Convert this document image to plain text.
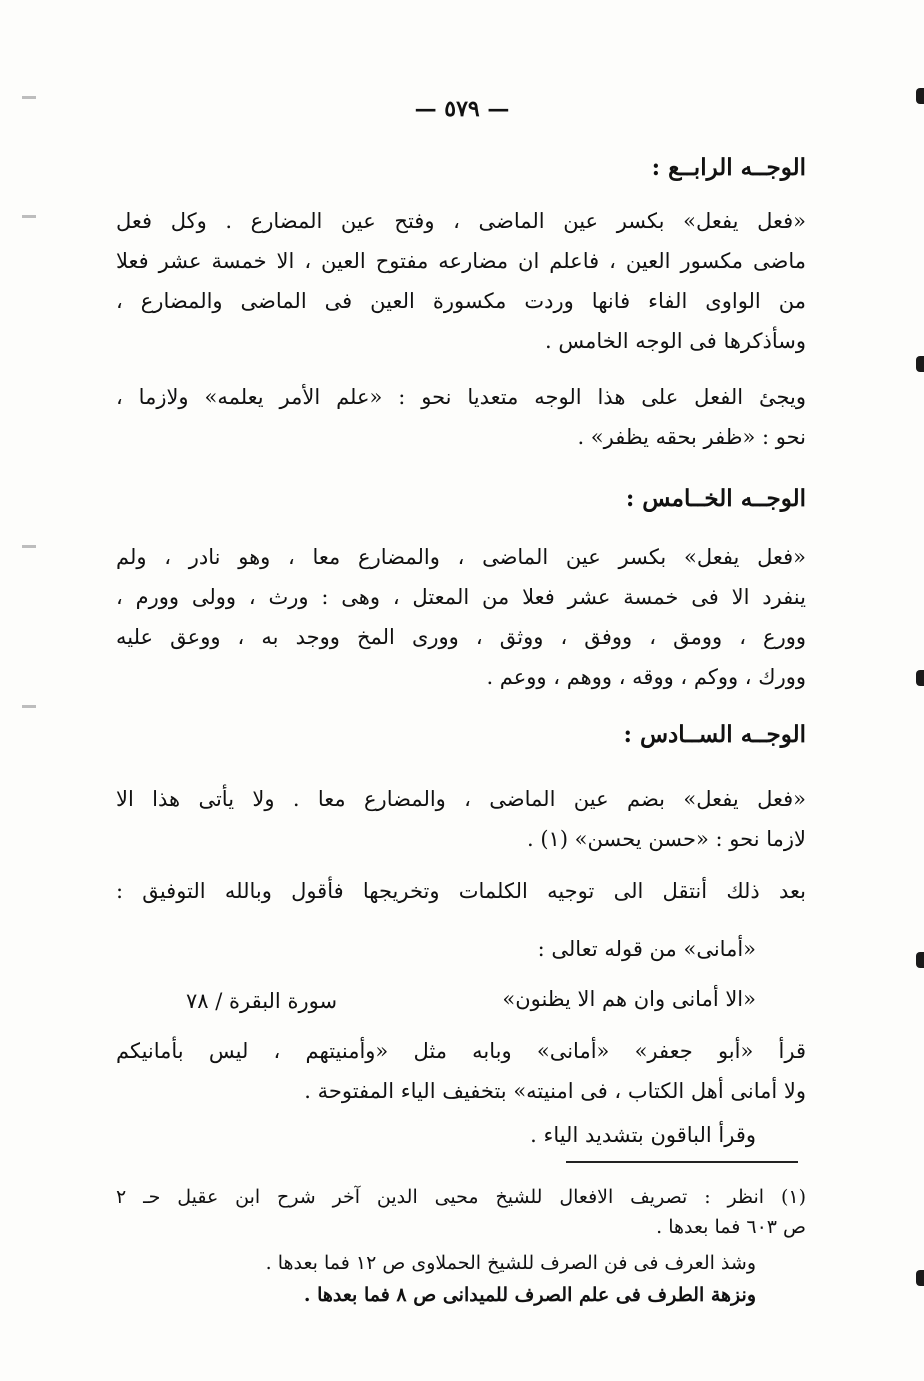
— ٥٧٩ —
الوجــه الرابــع :
«فعل يفعل» بكسر عين الماضى ، وفتح عين المضارع . وكل فعل
ماضى مكسور العين ، فاعلم ان مضارعه مفتوح العين ، الا خمسة عشر فعلا
من الواوى الفاء فانها وردت مكسورة العين فى الماضى والمضارع ،
وسأذكرها فى الوجه الخامس .
ويجئ الفعل على هذا الوجه متعديا نحو : «علم الأمر يعلمه» ولازما ،
نحو : «ظفر بحقه يظفر» .
الوجــه الخــامس :
«فعل يفعل» بكسر عين الماضى ، والمضارع معا ، وهو نادر ، ولم
ينفرد الا فى خمسة عشر فعلا من المعتل ، وهى : ورث ، وولى وورم ،
وورع ، وومق ، ووفق ، ووثق ، وورى المخ ووجد به ، ووعق عليه
وورك ، ووكم ، ووقه ، ووهم ، ووعم .
الوجــه الســادس :
«فعل يفعل» بضم عين الماضى ، والمضارع معا . ولا يأتى هذا الا
لازما نحو : «حسن يحسن» (١) .
بعد ذلك أنتقل الى توجيه الكلمات وتخريجها فأقول وبالله التوفيق :
«أمانى» من قوله تعالى :
«الا أمانى وان هم الا يظنون»
سورة البقرة / ٧٨
قرأ «أبو جعفر» «أمانى» وبابه مثل «وأمنيتهم ، ليس بأمانيكم
ولا أمانى أهل الكتاب ، فى امنيته» بتخفيف الياء المفتوحة .
وقرأ الباقون بتشديد الياء .
(١) انظر : تصريف الافعال للشيخ محيى الدين آخر شرح ابن عقيل حـ ٢
ص ٦٠٣ فما بعدها .
وشذ العرف فى فن الصرف للشيخ الحملاوى ص ١٢ فما بعدها .
ونزهة الطرف فى علم الصرف للميدانى ص ٨ فما بعدها .
